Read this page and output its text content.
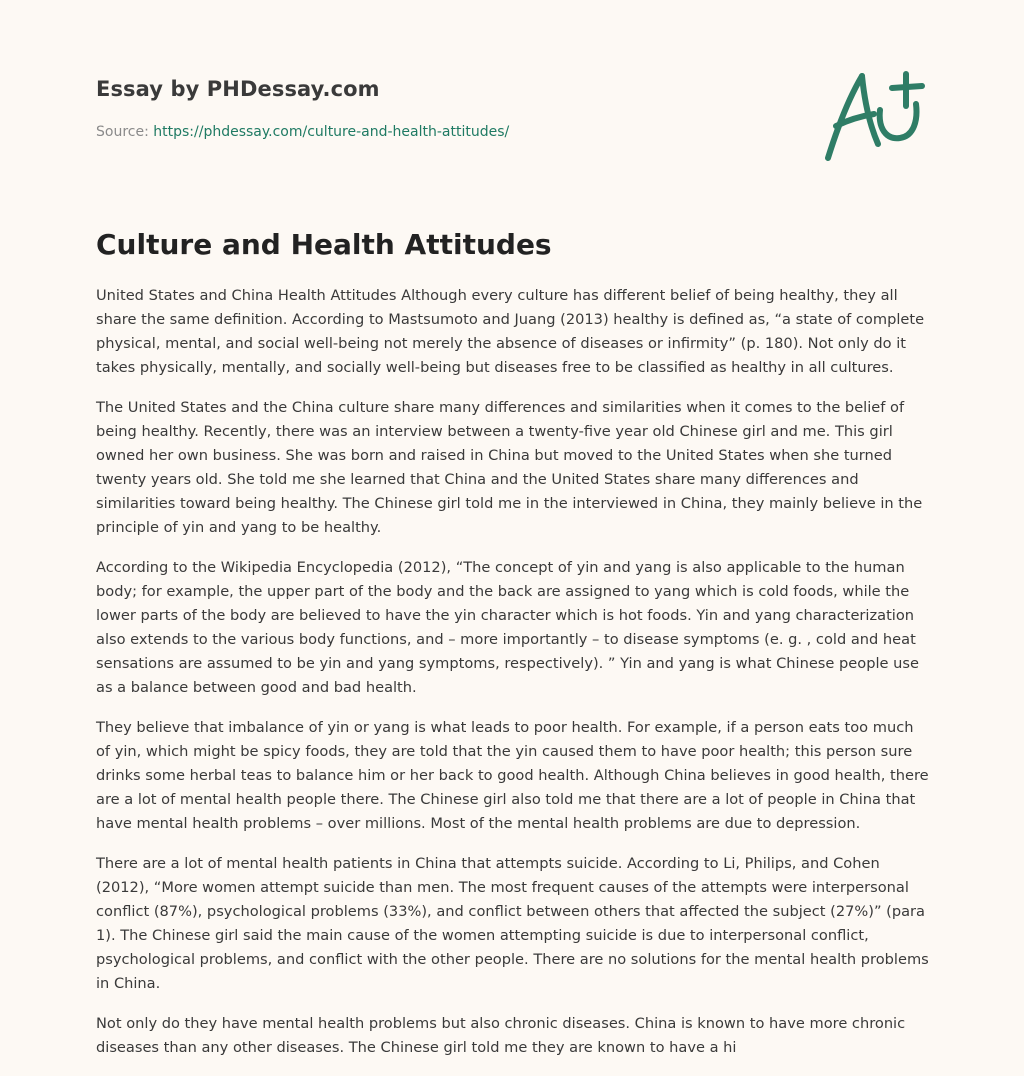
Essay by PHDessay.com
Source: https://phdessay.com/culture-and-health-attitudes/
Culture and Health Attitudes

United States and China Health Attitudes Although every culture has different belief of being healthy, they all share the same definition. According to Mastsumoto and Juang (2013) healthy is defined as, “a state of complete physical, mental, and social well-being not merely the absence of diseases or infirmity” (p. 180). Not only do it takes physically, mentally, and socially well-being but diseases free to be classified as healthy in all cultures.

The United States and the China culture share many differences and similarities when it comes to the belief of being healthy. Recently, there was an interview between a twenty-five year old Chinese girl and me. This girl owned her own business. She was born and raised in China but moved to the United States when she turned twenty years old. She told me she learned that China and the United States share many differences and similarities toward being healthy. The Chinese girl told me in the interviewed in China, they mainly believe in the principle of yin and yang to be healthy.

According to the Wikipedia Encyclopedia (2012), “The concept of yin and yang is also applicable to the human body; for example, the upper part of the body and the back are assigned to yang which is cold foods, while the lower parts of the body are believed to have the yin character which is hot foods. Yin and yang characterization also extends to the various body functions, and – more importantly – to disease symptoms (e. g. , cold and heat sensations are assumed to be yin and yang symptoms, respectively). ” Yin and yang is what Chinese people use as a balance between good and bad health.

They believe that imbalance of yin or yang is what leads to poor health. For example, if a person eats too much of yin, which might be spicy foods, they are told that the yin caused them to have poor health; this person sure drinks some herbal teas to balance him or her back to good health. Although China believes in good health, there are a lot of mental health people there. The Chinese girl also told me that there are a lot of people in China that have mental health problems – over millions. Most of the mental health problems are due to depression.

There are a lot of mental health patients in China that attempts suicide. According to Li, Philips, and Cohen (2012), “More women attempt suicide than men. The most frequent causes of the attempts were interpersonal conflict (87%), psychological problems (33%), and conflict between others that affected the subject (27%)” (para 1). The Chinese girl said the main cause of the women attempting suicide is due to interpersonal conflict, psychological problems, and conflict with the other people. There are no solutions for the mental health problems in China.

Not only do they have mental health problems but also chronic diseases. China is known to have more chronic diseases than any other diseases. The Chinese girl told me they are known to have a hi
